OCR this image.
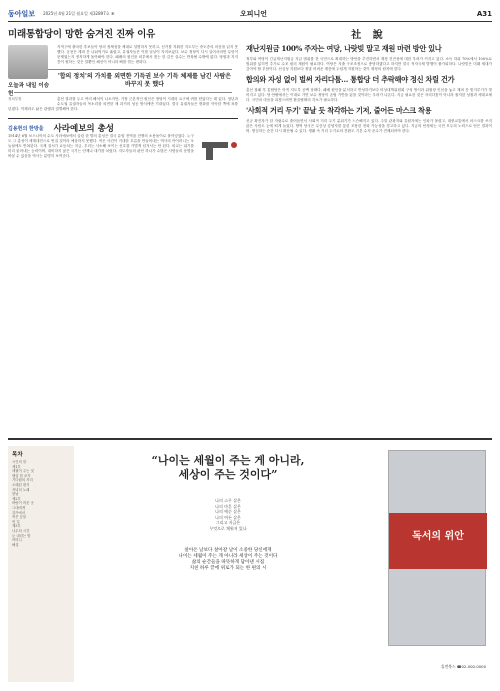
동아일보 2025년 4월 21일 월요일 제32897호 ⑧	오피니언	A31
미래통합당이 망한 숨겨진 진짜 이유
오늘과 내일 이승헌
정치부장
지역구에 출마한 후보들이 당의 정체성을 제대로 설명하지 못하고, 선거를 지휘한 지도부는 중도층의 마음을 읽지 못했다. 공천은 계파 간 나눠먹기로 흘렀고, 유권자들은 이를 낱낱이 지켜보았다. 보수 정당이 다시 일어서려면 무엇이 문제였는지 정직하게 돌아봐야 한다. 패배의 원인을 외부에서 찾는 한 같은 실수는 반복될 수밖에 없다. 당원과 지지층이 원하는 것은 말뿐인 쇄신이 아니라 뼈를 깎는 변화다.
'합의 정치'의 가치를 외면한 기득권 보수 기득 체제를 남긴 사람은 바꾸지 못 했다
총선 결과를 두고 여러 해석이 나오지만, 가장 근본적인 원인은 정당이 시대의 요구에 귀를 닫았다는 데 있다. 청년과 수도권 유권자들의 목소리를 외면한 채 과거의 성공 방식에만 기대었다. 결국 유권자들은 변화를 약속한 쪽에 표를 던졌다. 이제라도 낡은 관행과 결별해야 한다.
김용헌의 한방울 사라예보의 총성
1914년 6월 보스니아의 수도 사라예보에서 울린 한 발의 총성은 결국 유럽 전역을 전쟁의 소용돌이로 몰아넣었다. 누구도 그 총성이 세계대전으로 번질 것이라 예상하지 못했다. 작은 사건이 거대한 흐름을 만들어내는 역사의 아이러니는 오늘날에도 반복된다. 국제 질서가 요동치는 지금, 우리는 사소해 보이는 신호를 가볍게 넘겨서는 안 된다. 외교는 위기를 미리 읽어내는 능력이며, 대비하지 않은 국가는 언제나 대가를 치렀다. 지도자들의 판단 하나가 수많은 사람들의 운명을 바꿀 수 있음을 역사는 분명히 보여준다.
社 說
재난지원금 100% 주자는 여당, 나랏빚 말고 재원 마련 방안 있나
정부와 여당이 긴급재난지원금 지급 범위를 전 국민으로 확대하는 방안을 추진하면서 재정 건전성에 대한 우려가 커지고 있다. 소득 하위 70%에서 100%로 범위를 넓히면 추가로 수조 원의 재원이 필요하다. 여당은 지출 구조조정으로 충당하겠다고 하지만 결국 적자국채 발행이 불가피하다. 나랏빚은 미래 세대가 갚아야 할 부담이다. 선심성 지원보다 정말 어려운 계층에 두텁게 지원하는 것이 재정의 원칙에 맞다.
합의와 자성 없이 벌써 자리다툼… 통합당 더 추락해야 정신 차릴 건가
총선 참패 후 통합당은 아직 지도부 공백 상태다. 패배 원인을 분석하고 반성하기보다 비상대책위원회 구성 방식과 위원장 인선을 놓고 계파 간 힘겨루기가 벌어지고 있다. 당 안팎에서는 이대로 가면 보수 정당이 존립 기반을 잃을 것이라는 우려가 나온다. 지금 필요한 것은 자리다툼이 아니라 철저한 성찰과 세대교체다. 국민의 마음을 되찾으려면 환골탈태의 각오가 필요하다.
'사회적 거리 두기' 끝날 듯 착각하는 기저, 줄어든 마스크 착용
신규 확진자가 한 자릿수로 줄어들면서 사회적 거리 두기 분위기가 느슨해지고 있다. 주말 관광지와 유원지에는 인파가 몰렸고, 대중교통에서 마스크를 쓰지 않은 사람도 눈에 띄게 늘었다. 방역 당국은 무증상 감염자를 통한 조용한 전파 가능성을 경고하고 있다. 지금의 안정세는 국민 모두의 노력으로 얻은 결과이며, 방심하는 순간 다시 확산될 수 있다. 생활 속 거리 두기로의 전환도 기본 수칙 준수가 전제되어야 한다.
목차
시인의 말
제1부
세월이 주는 것
햇살 한 조각
기다림의 자리
오래된 편지
저녁의 노래
봄날
제2부
바람이 머문 곳
그대에게
강가에서
작은 등불
먼 길
제3부
나무의 시간
눈 내리는 밤
어머니
해설
“나이는 세월이 주는 게 아니라,
세상이 주는 것이다”
나의 스무 살은
나의 마흔 살은
나의 예순 살은
나의 여든 살은
그리고 지금은
무엇으로 채워져 있나
살아온 날보다 살아갈 날이 소중한 당신에게
나이는 세월이 주는 게 아니라 세상이 주는 것이다
삶의 순간들을 따뜻하게 담아낸 시집
지친 하루 끝에 위로가 되는 한 편의 시
독서의 위안
휴먼북스 ☎02-000-0000
